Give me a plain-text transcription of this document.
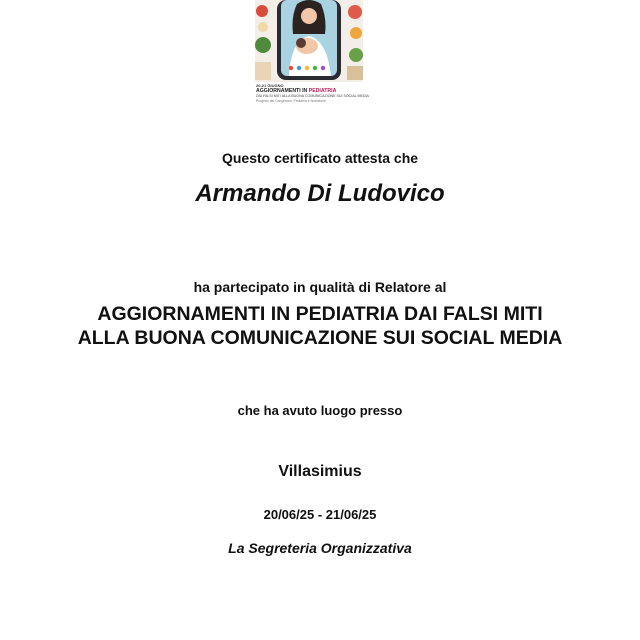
20-21 GIUGNO
AGGIORNAMENTI IN PEDIATRIA
DAI FALSI MITI ALLA BUONA COMUNICAZIONE SUI SOCIAL MEDIA
Progetto del Congresso: Pediatria e Nutrizione
Questo certificato attesta che
Armando Di Ludovico
ha partecipato in qualità di Relatore al
AGGIORNAMENTI IN PEDIATRIA DAI FALSI MITI
ALLA BUONA COMUNICAZIONE SUI SOCIAL MEDIA
che ha avuto luogo presso
Villasimius
20/06/25 - 21/06/25
La Segreteria Organizzativa
